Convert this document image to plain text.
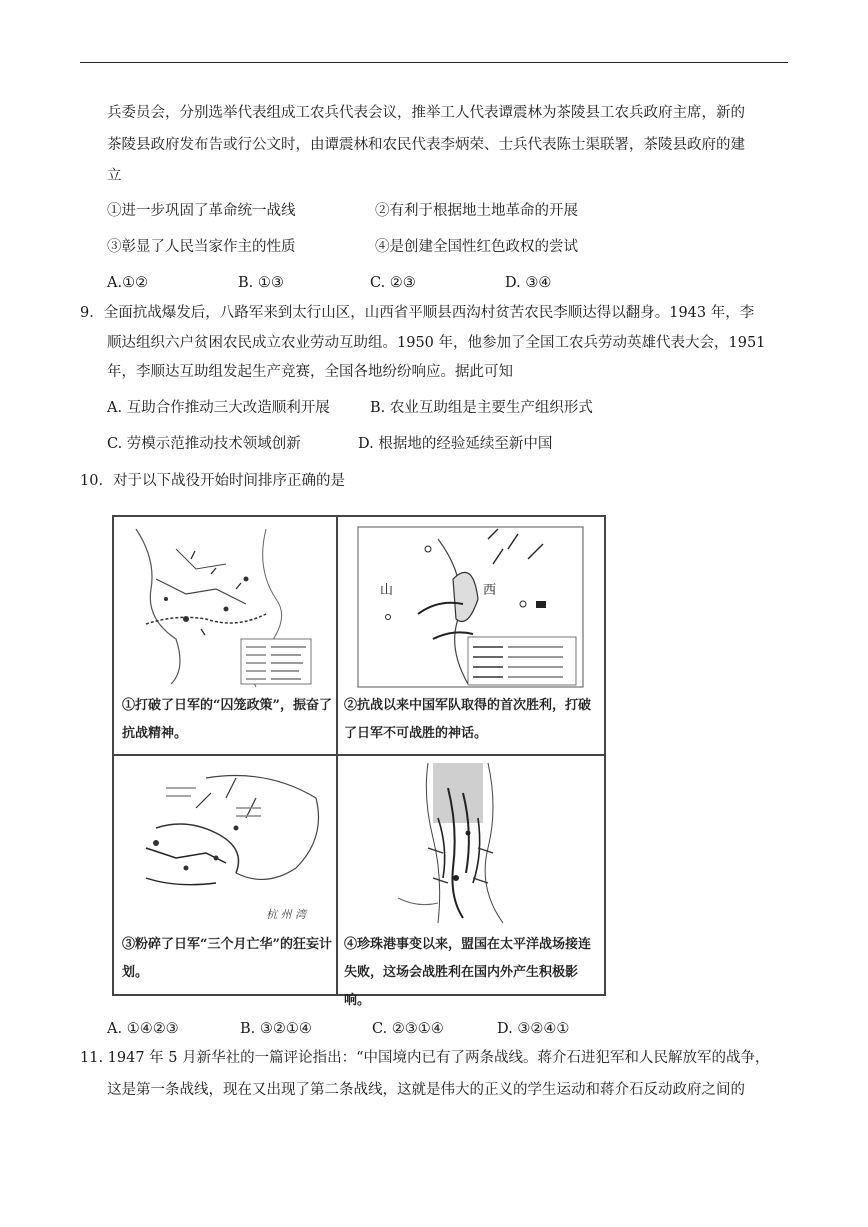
兵委员会，分别选举代表组成工农兵代表会议，推举工人代表谭震林为茶陵县工农兵政府主席，新的
茶陵县政府发布告或行公文时，由谭震林和农民代表李炳荣、士兵代表陈士渠联署，茶陵县政府的建
立
①进一步巩固了革命统一战线	②有利于根据地土地革命的开展
③彰显了人民当家作主的性质	④是创建全国性红色政权的尝试
A.①②	B. ①③	C. ②③	D. ③④
9．全面抗战爆发后，八路军来到太行山区，山西省平顺县西沟村贫苦农民李顺达得以翻身。1943 年，李
顺达组织六户贫困农民成立农业劳动互助组。1950 年，他参加了全国工农兵劳动英雄代表大会，1951
年，李顺达互助组发起生产竞赛，全国各地纷纷响应。据此可知
A. 互助合作推动三大改造顺利开展	B. 农业互助组是主要生产组织形式
C. 劳模示范推动技术领域创新	D. 根据地的经验延续至新中国
10．对于以下战役开始时间排序正确的是
①打破了日军的“囚笼政策”，振奋了抗战精神。
山	西
②抗战以来中国军队取得的首次胜利，打破了日军不可战胜的神话。
杭 州 湾
③粉碎了日军“三个月亡华”的狂妄计划。
④珍珠港事变以来，盟国在太平洋战场接连失败，这场会战胜利在国内外产生积极影响。
A. ①④②③	B. ③②①④	C. ②③①④	D. ③②④①
11. 1947 年 5 月新华社的一篇评论指出：“中国境内已有了两条战线。蒋介石进犯军和人民解放军的战争，
这是第一条战线，现在又出现了第二条战线，这就是伟大的正义的学生运动和蒋介石反动政府之间的
